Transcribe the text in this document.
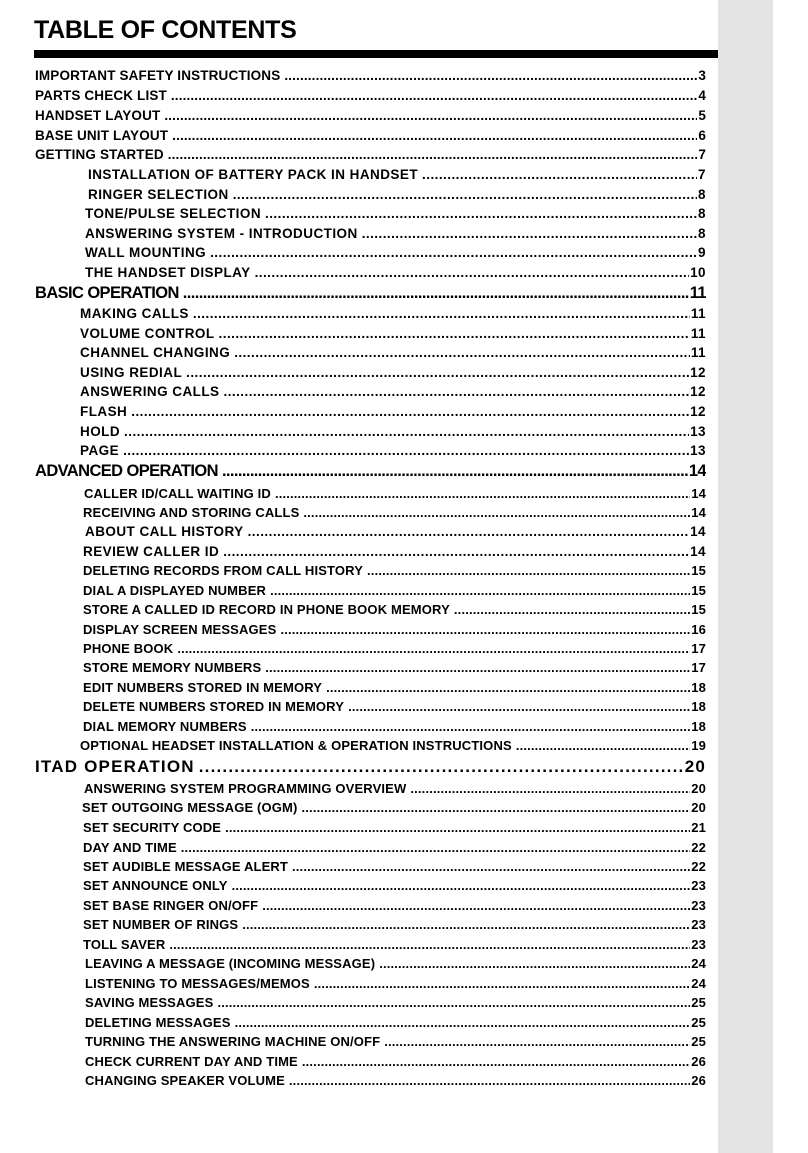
TABLE OF CONTENTS
IMPORTANT SAFETY INSTRUCTIONS .....	3
PARTS CHECK LIST .....	4
HANDSET LAYOUT .....	5
BASE UNIT LAYOUT .....	6
GETTING STARTED .....	7
INSTALLATION OF BATTERY PACK IN HANDSET .....	7
RINGER SELECTION .....	8
TONE/PULSE SELECTION .....	8
ANSWERING SYSTEM - INTRODUCTION .....	8
WALL MOUNTING .....	9
THE HANDSET DISPLAY .....	10
BASIC OPERATION .....	11
MAKING CALLS .....	11
VOLUME CONTROL .....	11
CHANNEL CHANGING .....	11
USING REDIAL .....	12
ANSWERING CALLS .....	12
FLASH .....	12
HOLD .....	13
PAGE .....	13
ADVANCED OPERATION .....	14
CALLER ID/CALL WAITING ID .....	14
RECEIVING AND STORING CALLS .....	14
ABOUT CALL HISTORY .....	14
REVIEW CALLER ID .....	14
DELETING RECORDS FROM CALL HISTORY .....	15
DIAL A DISPLAYED NUMBER .....	15
STORE A CALLED ID RECORD IN PHONE BOOK MEMORY .....	15
DISPLAY SCREEN MESSAGES .....	16
PHONE BOOK .....	17
STORE MEMORY NUMBERS .....	17
EDIT NUMBERS STORED IN MEMORY .....	18
DELETE NUMBERS STORED IN MEMORY .....	18
DIAL MEMORY NUMBERS .....	18
OPTIONAL HEADSET INSTALLATION & OPERATION INSTRUCTIONS .....	19
ITAD OPERATION .....	20
ANSWERING SYSTEM PROGRAMMING OVERVIEW .....	20
SET OUTGOING MESSAGE (OGM) .....	20
SET SECURITY CODE .....	21
DAY AND TIME .....	22
SET AUDIBLE MESSAGE ALERT .....	22
SET ANNOUNCE ONLY .....	23
SET BASE RINGER ON/OFF .....	23
SET NUMBER OF RINGS .....	23
TOLL SAVER .....	23
LEAVING A MESSAGE (INCOMING MESSAGE) .....	24
LISTENING TO MESSAGES/MEMOS .....	24
SAVING MESSAGES .....	25
DELETING MESSAGES .....	25
TURNING THE ANSWERING MACHINE ON/OFF .....	25
CHECK CURRENT DAY AND TIME .....	26
CHANGING SPEAKER VOLUME .....	26
